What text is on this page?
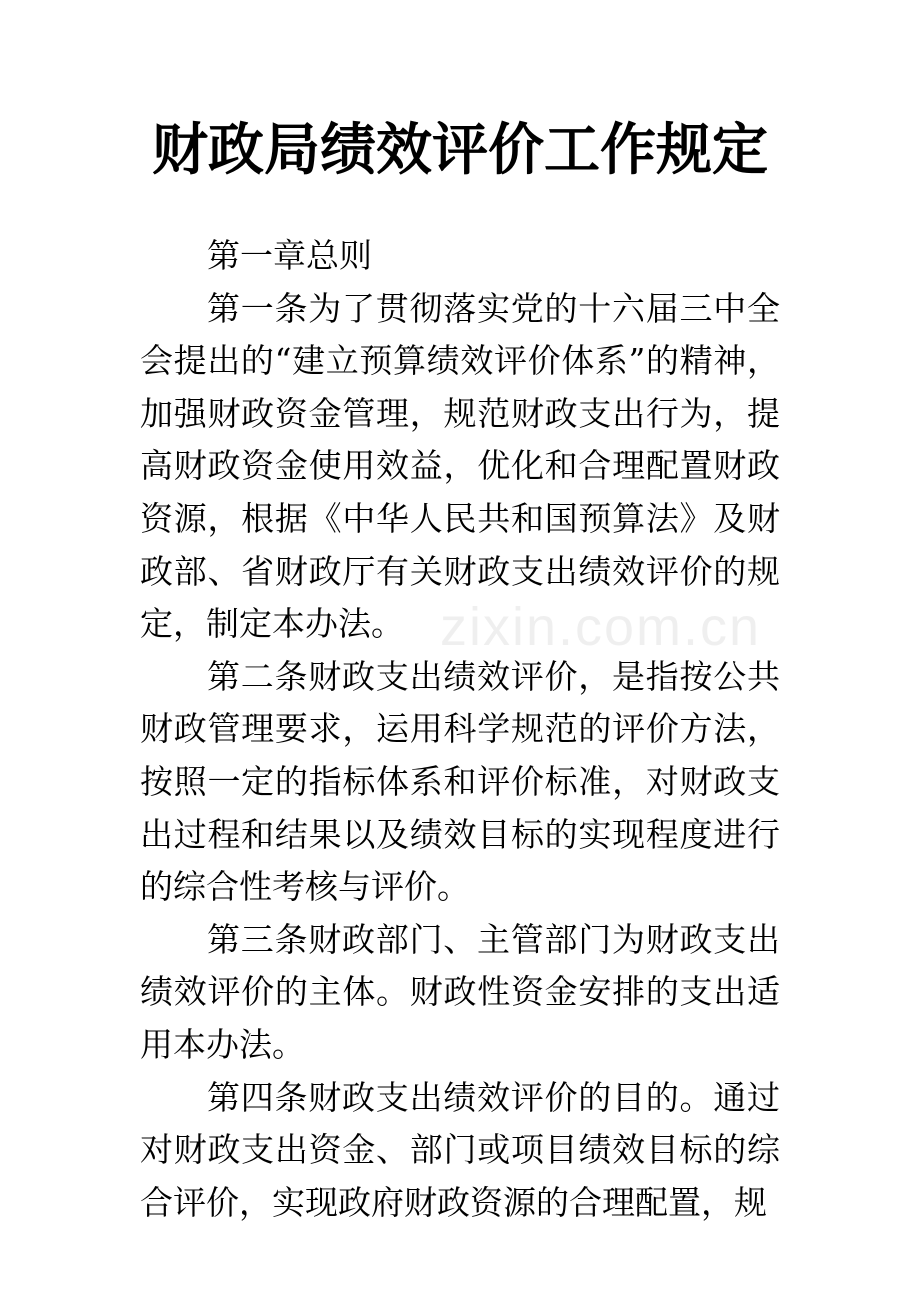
财政局绩效评价工作规定

第一章总则

第一条为了贯彻落实党的十六届三中全会提出的“建立预算绩效评价体系”的精神，加强财政资金管理，规范财政支出行为，提高财政资金使用效益，优化和合理配置财政资源，根据《中华人民共和国预算法》及财政部、省财政厅有关财政支出绩效评价的规定，制定本办法。

第二条财政支出绩效评价，是指按公共财政管理要求，运用科学规范的评价方法，按照一定的指标体系和评价标准，对财政支出过程和结果以及绩效目标的实现程度进行的综合性考核与评价。

第三条财政部门、主管部门为财政支出绩效评价的主体。财政性资金安排的支出适用本办法。

第四条财政支出绩效评价的目的。通过对财政支出资金、部门或项目绩效目标的综合评价，实现政府财政资源的合理配置，规

zixin.com.cn
